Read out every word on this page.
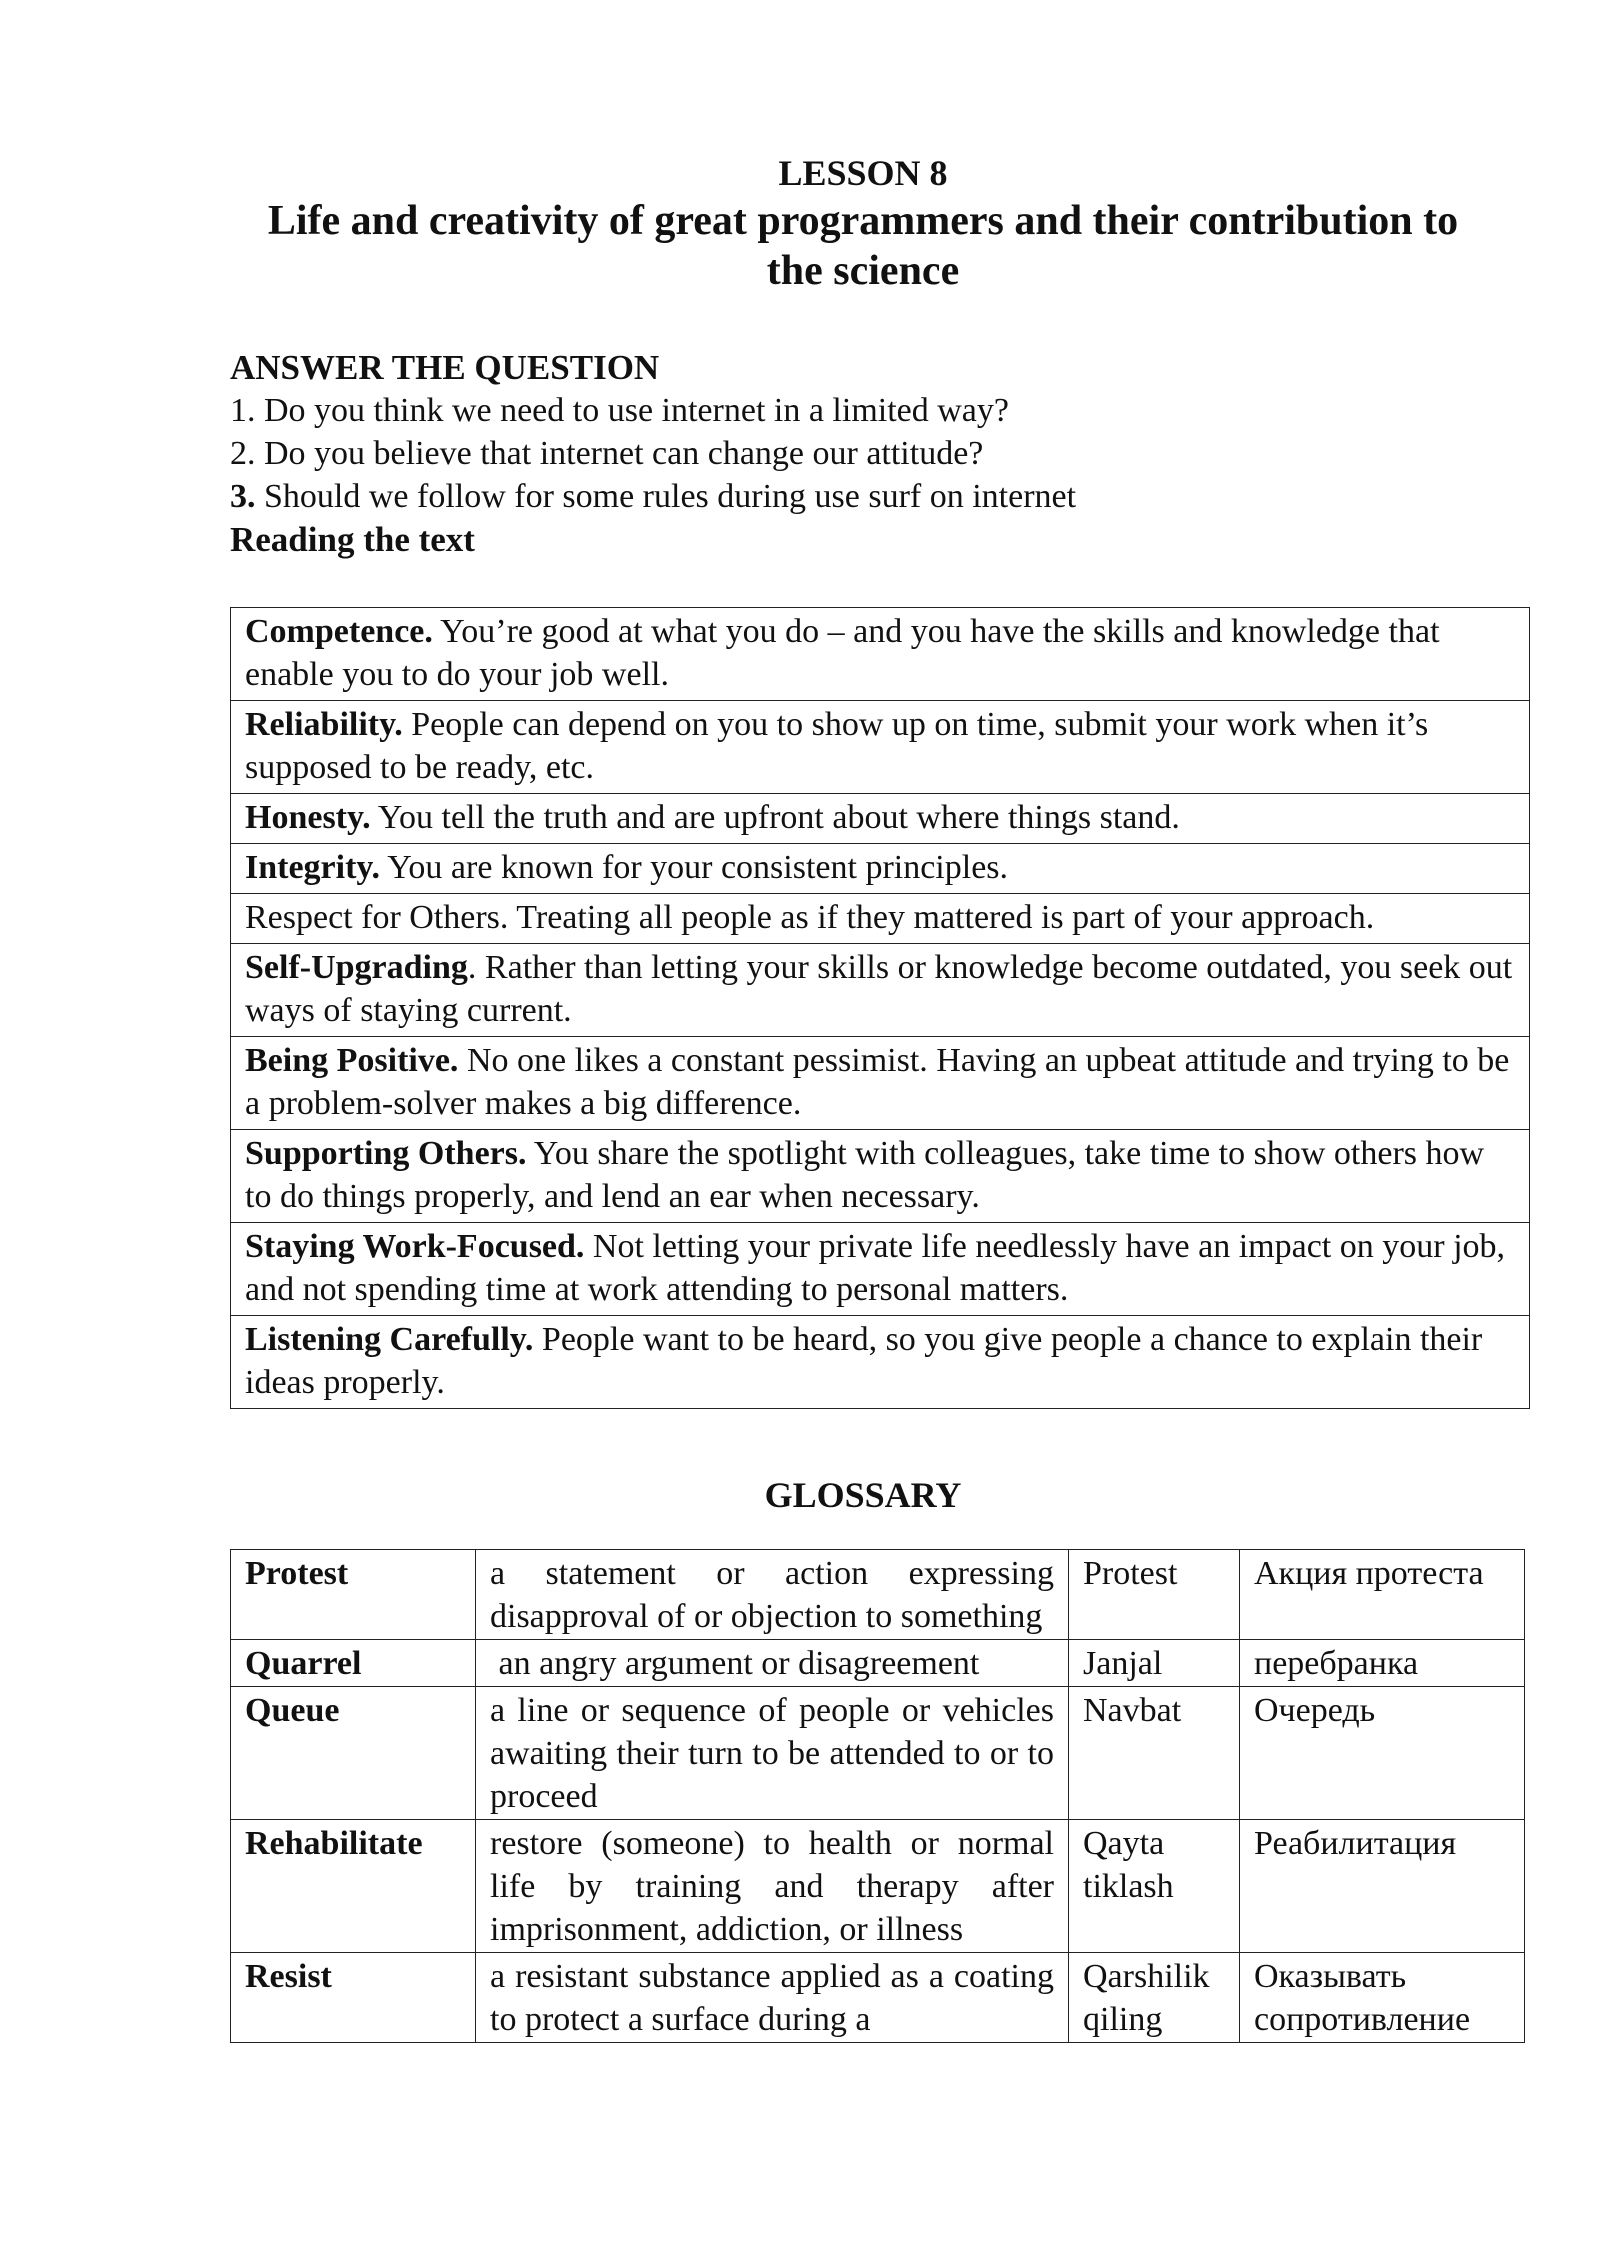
LESSON 8
Life and creativity of great programmers and their contribution to
the science
ANSWER THE QUESTION
1. Do you think we need to use internet in a limited way?
2. Do you believe that internet can change our attitude?
3. Should we follow for some rules during use surf on internet
Reading the text
Competence. You’re good at what you do – and you have the skills and knowledge that enable you to do your job well.
Reliability. People can depend on you to show up on time, submit your work when it’s supposed to be ready, etc.
Honesty. You tell the truth and are upfront about where things stand.
Integrity. You are known for your consistent principles.
Respect for Others. Treating all people as if they mattered is part of your approach.
Self-Upgrading. Rather than letting your skills or knowledge become outdated, you seek out ways of staying current.
Being Positive. No one likes a constant pessimist. Having an upbeat attitude and trying to be a problem-solver makes a big difference.
Supporting Others. You share the spotlight with colleagues, take time to show others how to do things properly, and lend an ear when necessary.
Staying Work-Focused. Not letting your private life needlessly have an impact on your job, and not spending time at work attending to personal matters.
Listening Carefully. People want to be heard, so you give people a chance to explain their ideas properly.
GLOSSARY
Protest	a statement or action expressing disapproval of or objection to something	Protest	Акция протеста
Quarrel	an angry argument or disagreement	Janjal	перебранка
Queue	a line or sequence of people or vehicles awaiting their turn to be attended to or to proceed	Navbat	Очередь
Rehabilitate	restore (someone) to health or normal life by training and therapy after imprisonment, addiction, or illness	Qayta tiklash	Реабилитация
Resist	a resistant substance applied as a coating to protect a surface during a	Qarshilik qiling	Оказывать сопротивление
